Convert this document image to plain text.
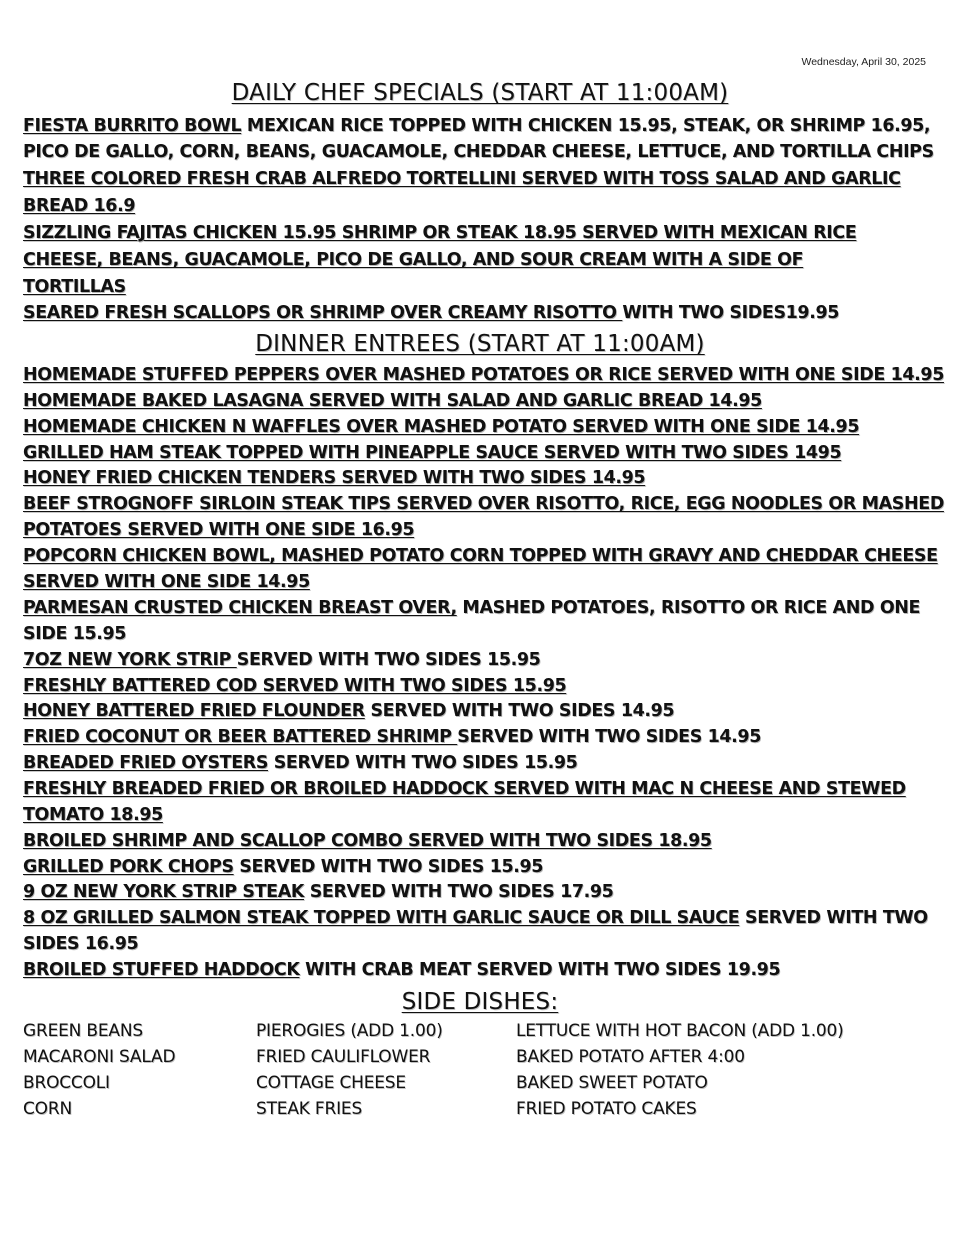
Wednesday, April 30, 2025
DAILY CHEF SPECIALS (START AT 11:00AM)
FIESTA BURRITO BOWL MEXICAN RICE TOPPED WITH CHICKEN 15.95, STEAK, OR SHRIMP 16.95,
PICO DE GALLO, CORN, BEANS, GUACAMOLE, CHEDDAR CHEESE, LETTUCE, AND TORTILLA CHIPS
THREE COLORED FRESH CRAB ALFREDO TORTELLINI SERVED WITH TOSS SALAD AND GARLIC
BREAD 16.9
SIZZLING FAJITAS CHICKEN 15.95 SHRIMP OR STEAK 18.95 SERVED WITH MEXICAN RICE
CHEESE, BEANS, GUACAMOLE, PICO DE GALLO, AND SOUR CREAM WITH A SIDE OF
TORTILLAS
SEARED FRESH SCALLOPS OR SHRIMP OVER CREAMY RISOTTO WITH TWO SIDES19.95
DINNER ENTREES (START AT 11:00AM)
HOMEMADE STUFFED PEPPERS OVER MASHED POTATOES OR RICE SERVED WITH ONE SIDE 14.95
HOMEMADE BAKED LASAGNA SERVED WITH SALAD AND GARLIC BREAD 14.95
HOMEMADE CHICKEN N WAFFLES OVER MASHED POTATO SERVED WITH ONE SIDE 14.95
GRILLED HAM STEAK TOPPED WITH PINEAPPLE SAUCE SERVED WITH TWO SIDES 1495
HONEY FRIED CHICKEN TENDERS SERVED WITH TWO SIDES 14.95
BEEF STROGNOFF SIRLOIN STEAK TIPS SERVED OVER RISOTTO, RICE, EGG NOODLES OR MASHED
POTATOES SERVED WITH ONE SIDE 16.95
POPCORN CHICKEN BOWL, MASHED POTATO CORN TOPPED WITH GRAVY AND CHEDDAR CHEESE
SERVED WITH ONE SIDE 14.95
PARMESAN CRUSTED CHICKEN BREAST OVER, MASHED POTATOES, RISOTTO OR RICE AND ONE
SIDE 15.95
7OZ NEW YORK STRIP SERVED WITH TWO SIDES 15.95
FRESHLY BATTERED COD SERVED WITH TWO SIDES 15.95
HONEY BATTERED FRIED FLOUNDER SERVED WITH TWO SIDES 14.95
FRIED COCONUT OR BEER BATTERED SHRIMP SERVED WITH TWO SIDES 14.95
BREADED FRIED OYSTERS SERVED WITH TWO SIDES 15.95
FRESHLY BREADED FRIED OR BROILED HADDOCK SERVED WITH MAC N CHEESE AND STEWED
TOMATO 18.95
BROILED SHRIMP AND SCALLOP COMBO SERVED WITH TWO SIDES 18.95
GRILLED PORK CHOPS SERVED WITH TWO SIDES 15.95
9 OZ NEW YORK STRIP STEAK SERVED WITH TWO SIDES 17.95
8 OZ GRILLED SALMON STEAK TOPPED WITH GARLIC SAUCE OR DILL SAUCE SERVED WITH TWO
SIDES 16.95
BROILED STUFFED HADDOCK WITH CRAB MEAT SERVED WITH TWO SIDES 19.95
SIDE DISHES:
GREEN BEANS
MACARONI SALAD
BROCCOLI
CORN
PIEROGIES (ADD 1.00)
FRIED CAULIFLOWER
COTTAGE CHEESE
STEAK FRIES
LETTUCE WITH HOT BACON (ADD 1.00)
BAKED POTATO AFTER 4:00
BAKED SWEET POTATO
FRIED POTATO CAKES
